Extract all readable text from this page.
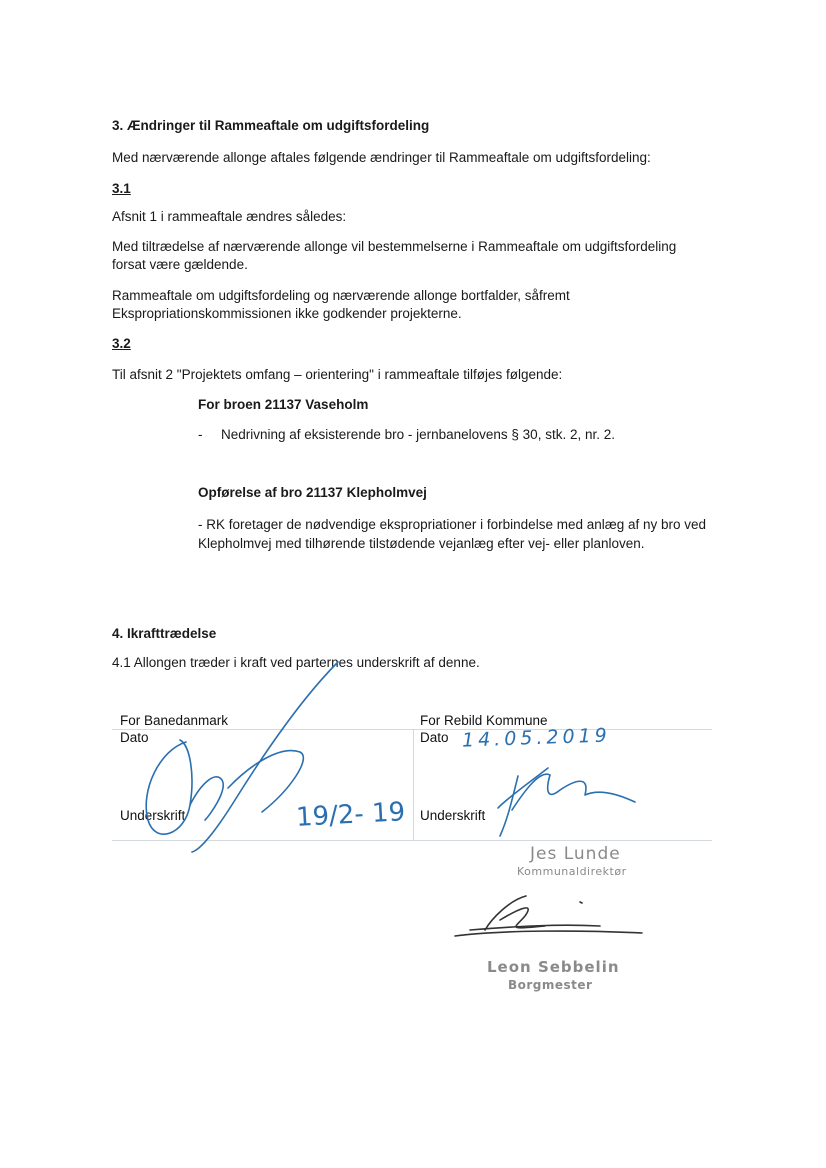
3. Ændringer til Rammeaftale om udgiftsfordeling
Med nærværende allonge aftales følgende ændringer til Rammeaftale om udgiftsfordeling:
3.1
Afsnit 1 i rammeaftale ændres således:
Med tiltrædelse af nærværende allonge vil bestemmelserne i Rammeaftale om udgiftsfordeling
forsat være gældende.
Rammeaftale om udgiftsfordeling og nærværende allonge bortfalder, såfremt
Ekspropriationskommissionen ikke godkender projekterne.
3.2
Til afsnit 2 "Projektets omfang – orientering" i rammeaftale tilføjes følgende:
For broen 21137 Vaseholm
- Nedrivning af eksisterende bro - jernbanelovens § 30, stk. 2, nr. 2.
Opførelse af bro 21137 Klepholmvej
- RK foretager de nødvendige ekspropriationer i forbindelse med anlæg af ny bro ved
Klepholmvej med tilhørende tilstødende vejanlæg efter vej- eller planloven.
4. Ikrafttrædelse
4.1 Allongen træder i kraft ved parternes underskrift af denne.
For Banedanmark
Dato
Underskrift
For Rebild Kommune
Dato
Underskrift
19/2- 19
14.05.2019
Jes Lunde
Kommunaldirektør
Leon Sebbelin
Borgmester
